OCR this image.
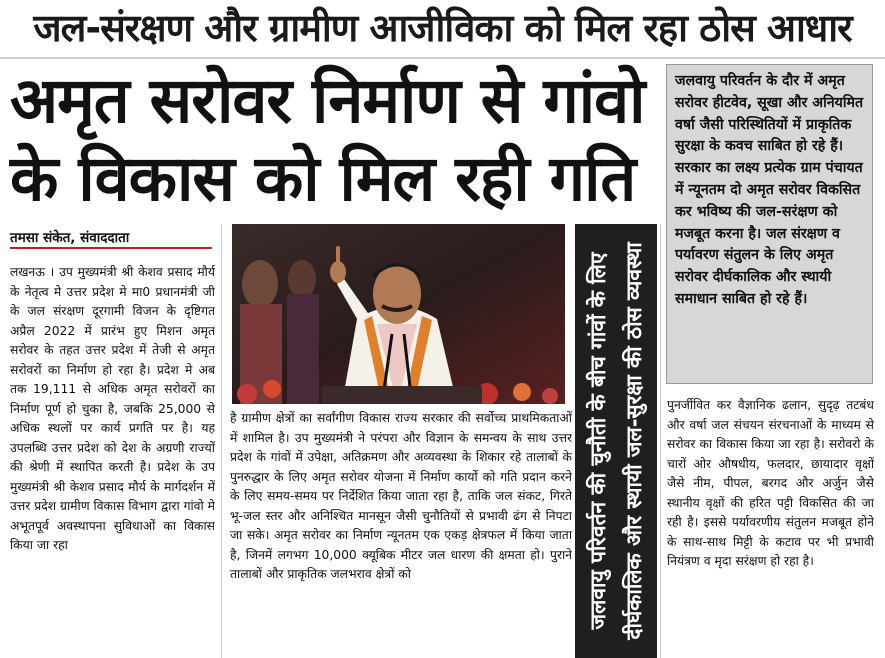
जल-संरक्षण और ग्रामीण आजीविका को मिल रहा ठोस आधार
अमृत सरोवर निर्माण से गांवो
के विकास को मिल रही गति
जलवायु परिवर्तन के दौर में अमृत सरोवर हीटवेव, सूखा और अनियमित वर्षा जैसी परिस्थितियों में प्राकृतिक सुरक्षा के कवच साबित हो रहे हैं। सरकार का लक्ष्य प्रत्येक ग्राम पंचायत में न्यूनतम दो अमृत सरोवर विकसित कर भविष्य की जल-सरंक्षण को मजबूत करना है। जल संरक्षण व पर्यावरण संतुलन के लिए अमृत सरोवर दीर्घकालिक और स्थायी समाधान साबित हो रहे हैं।
तमसा संकेत, संवाददाता
लखनऊ । उप मुख्यमंत्री श्री केशव प्रसाद मौर्य के नेतृत्व मे उत्तर प्रदेश मे मा0 प्रधानमंत्री जी के जल संरक्षण दूरगामी विजन के दृष्टिगत अप्रैल 2022 में प्रारंभ हुए मिशन अमृत सरोवर के तहत उत्तर प्रदेश में तेजी से अमृत सरोवरों का निर्माण हो रहा है। प्रदेश मे अब तक 19,111 से अधिक अमृत सरोवरों का निर्माण पूर्ण हो चुका है, जबकि 25,000 से अधिक स्थलों पर कार्य प्रगति पर है। यह उपलब्धि उत्तर प्रदेश को देश के अग्रणी राज्यों की श्रेणी में स्थापित करती है। प्रदेश के उप मुख्यमंत्री श्री केशव प्रसाद मौर्य के मार्गदर्शन में उत्तर प्रदेश ग्रामीण विकास विभाग द्वारा गांवो मे अभूतपूर्व अवस्थापना सुविधाओं का विकास किया जा रहा
है ग्रामीण क्षेत्रों का सर्वांगीण विकास राज्य सरकार की सर्वोच्च प्राथमिकताओं में शामिल है। उप मुख्यमंत्री ने परंपरा और विज्ञान के समन्वय के साथ उत्तर प्रदेश के गांवों में उपेक्षा, अतिक्रमण और अव्यवस्था के शिकार रहे तालाबों के पुनरुद्धार के लिए अमृत सरोवर योजना में निर्माण कार्यो को गति प्रदान करने के लिए समय-समय पर निर्देशित किया जाता रहा है, ताकि जल संकट, गिरते भू-जल स्तर और अनिश्चित मानसून जैसी चुनौतियों से प्रभावी ढंग से निपटा जा सके। अमृत सरोवर का निर्माण न्यूनतम एक एकड़ क्षेत्रफल में किया जाता है, जिनमें लगभग 10,000 क्यूबिक मीटर जल धारण की क्षमता हो। पुराने तालाबों और प्राकृतिक जलभराव क्षेत्रों को	जलवायु परिवर्तन की चुनौती के बीच गांवों के लिए दीर्घकालिक और स्थायी जल-सुरक्षा की ठोस व्यवस्था	पुनर्जीवित कर वैज्ञानिक ढलान, सुदृढ़ तटबंध और वर्षा जल संचयन संरचनाओं के माध्यम से सरोवर का विकास किया जा रहा है। सरोवरो के चारों ओर औषधीय, फलदार, छायादार वृक्षों जैसे नीम, पीपल, बरगद और अर्जुन जैसे स्थानीय वृक्षों की हरित पट्टी विकसित की जा रही है। इससे पर्यावरणीय संतुलन मजबूत होने के साथ-साथ मिट्टी के कटाव पर भी प्रभावी नियंत्रण व मृदा सरंक्षण हो रहा है।
